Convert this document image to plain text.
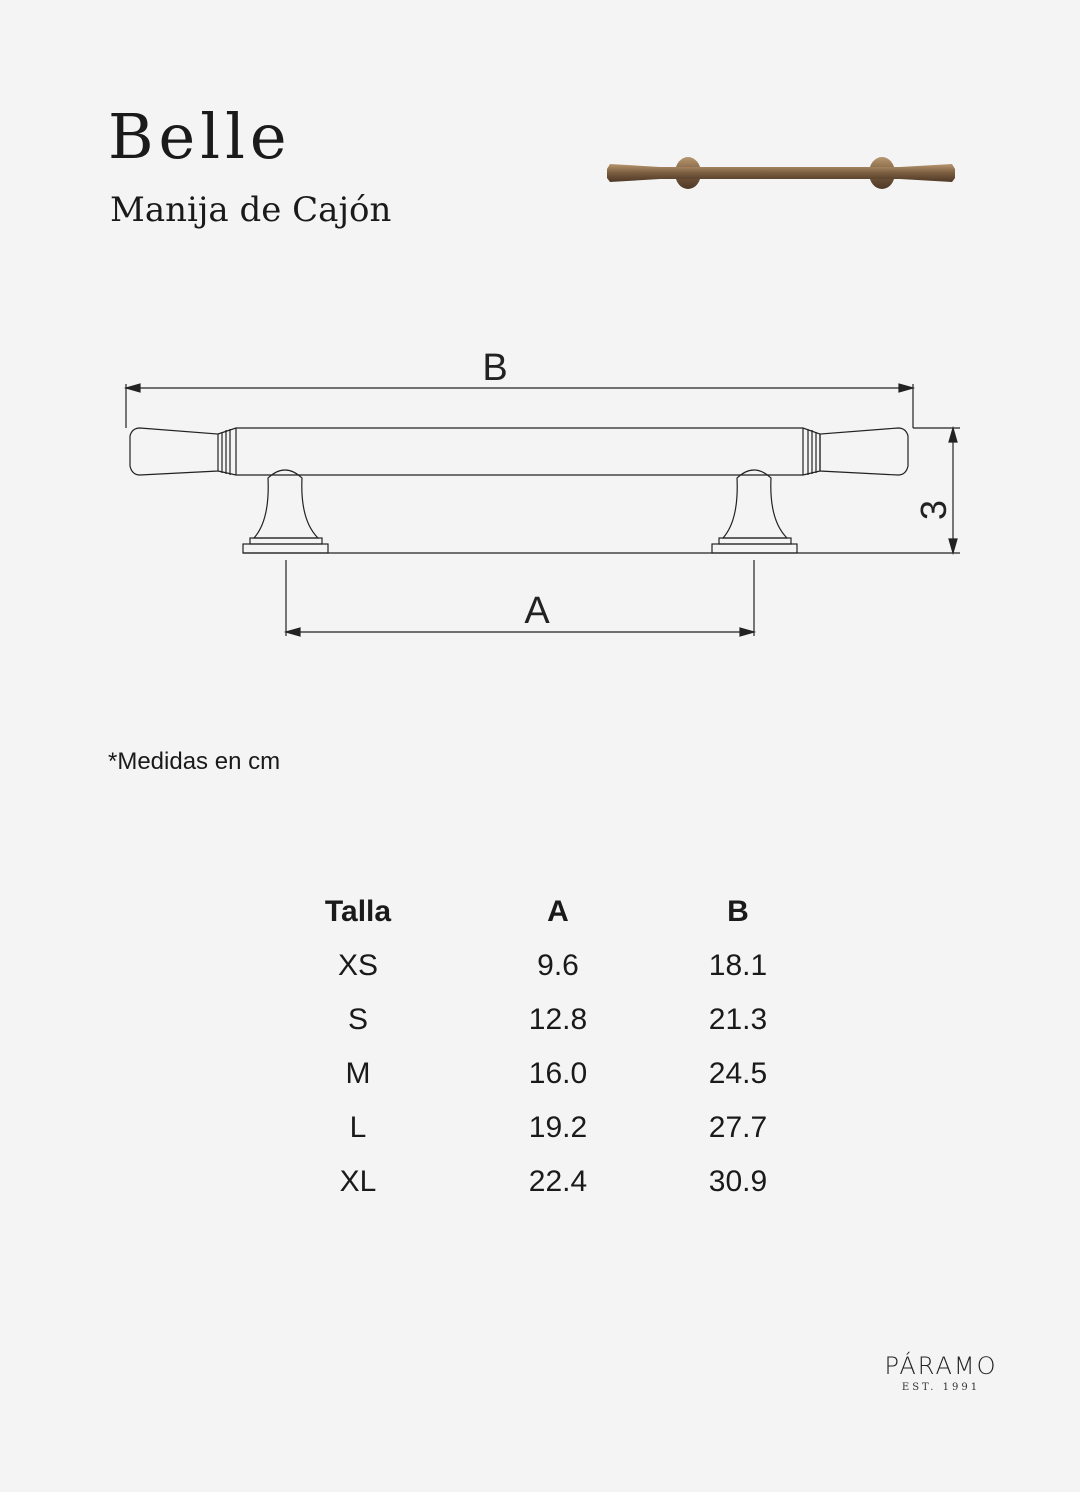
Belle
Manija de Cajón
B
A
3
*Medidas en cm
Talla	A	B
XS	9.6	18.1
S	12.8	21.3
M	16.0	24.5
L	19.2	27.7
XL	22.4	30.9
PÁRAMO
EST. 1991
